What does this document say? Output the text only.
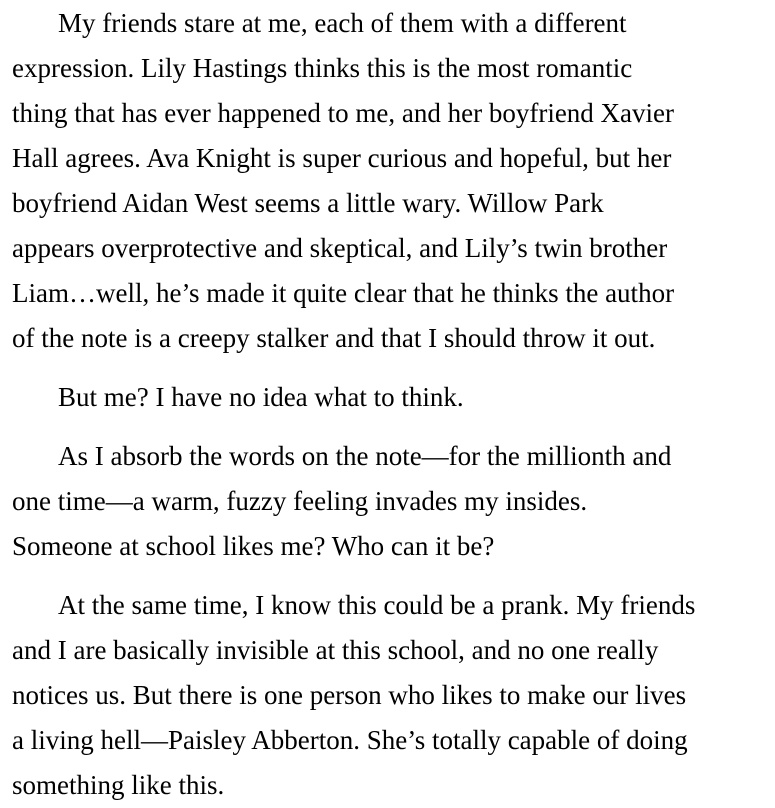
My friends stare at me, each of them with a different
expression. Lily Hastings thinks this is the most romantic
thing that has ever happened to me, and her boyfriend Xavier
Hall agrees. Ava Knight is super curious and hopeful, but her
boyfriend Aidan West seems a little wary. Willow Park
appears overprotective and skeptical, and Lily’s twin brother
Liam…well, he’s made it quite clear that he thinks the author
of the note is a creepy stalker and that I should throw it out.
But me? I have no idea what to think.
As I absorb the words on the note—for the millionth and
one time—a warm, fuzzy feeling invades my insides.
Someone at school likes me? Who can it be?
At the same time, I know this could be a prank. My friends
and I are basically invisible at this school, and no one really
notices us. But there is one person who likes to make our lives
a living hell—Paisley Abberton. She’s totally capable of doing
something like this.
